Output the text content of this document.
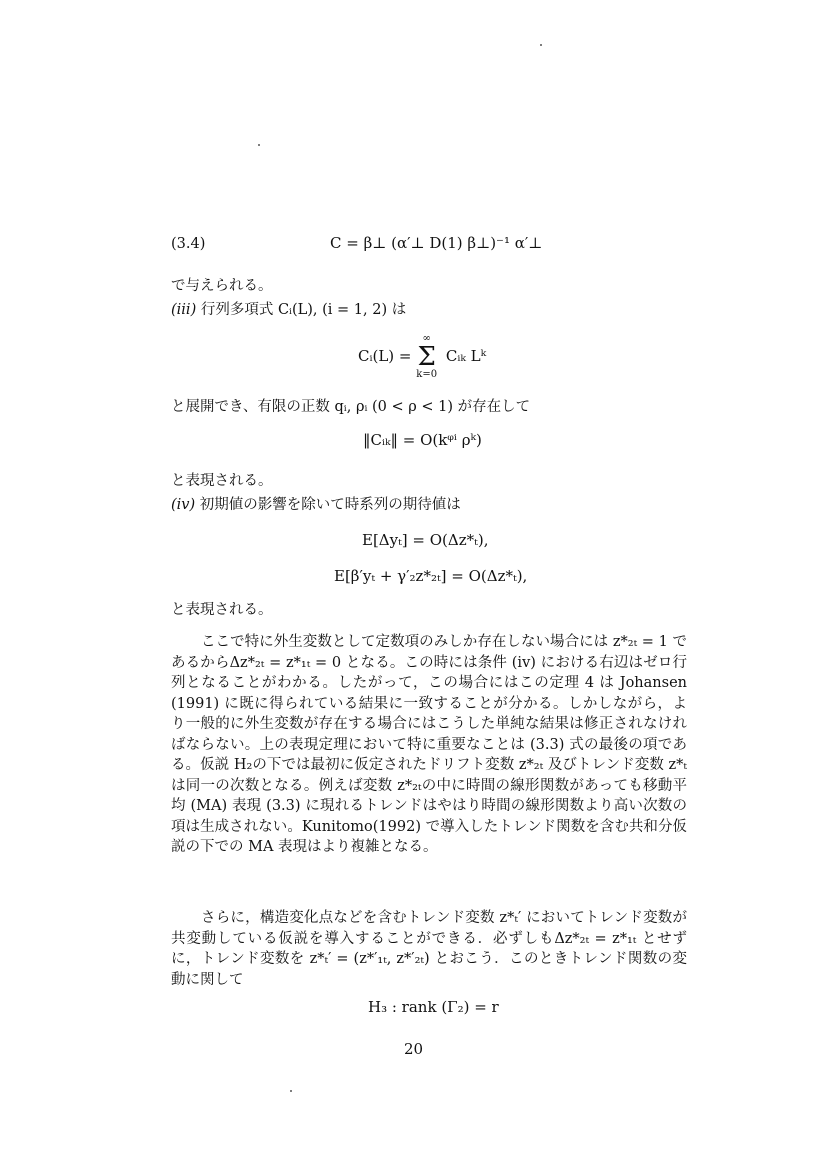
(3.4)	C = β⊥ (α′⊥ D(1) β⊥)⁻¹ α′⊥
で与えられる。
(iii) 行列多項式 Cᵢ(L), (i = 1, 2) は
Cᵢ(L) =
∞
Σ
k=0
Cᵢₖ Lᵏ
と展開でき、有限の正数 qᵢ, ρᵢ (0 < ρ < 1) が存在して
‖Cᵢₖ‖ = O(kᵠⁱ ρᵏ)
と表現される。
(iv) 初期値の影響を除いて時系列の期待値は
E[Δyₜ] = O(Δz*ₜ),
E[β′yₜ + γ′₂z*₂ₜ] = O(Δz*ₜ),
と表現される。
ここで特に外生変数として定数項のみしか存在しない場合には z*₂ₜ = 1 であるからΔz*₂ₜ = z*₁ₜ = 0 となる。この時には条件 (iv) における右辺はゼロ行列となることがわかる。したがって，この場合にはこの定理 4 は Johansen (1991) に既に得られている結果に一致することが分かる。しかしながら，より一般的に外生変数が存在する場合にはこうした単純な結果は修正されなければならない。上の表現定理において特に重要なことは (3.3) 式の最後の項である。仮説 H₂の下では最初に仮定されたドリフト変数 z*₂ₜ 及びトレンド変数 z*ₜ は同一の次数となる。例えば変数 z*₂ₜの中に時間の線形関数があっても移動平均 (MA) 表現 (3.3) に現れるトレンドはやはり時間の線形関数より高い次数の項は生成されない。Kunitomo(1992) で導入したトレンド関数を含む共和分仮説の下での MA 表現はより複雑となる。
さらに，構造変化点などを含むトレンド変数 z*ₜ′ においてトレンド変数が共変動している仮説を導入することができる．必ずしもΔz*₂ₜ = z*₁ₜ とせずに，トレンド変数を z*ₜ′ = (z*′₁ₜ, z*′₂ₜ) とおこう．このときトレンド関数の変動に関して
H₃ : rank (Γ₂) = r
20
